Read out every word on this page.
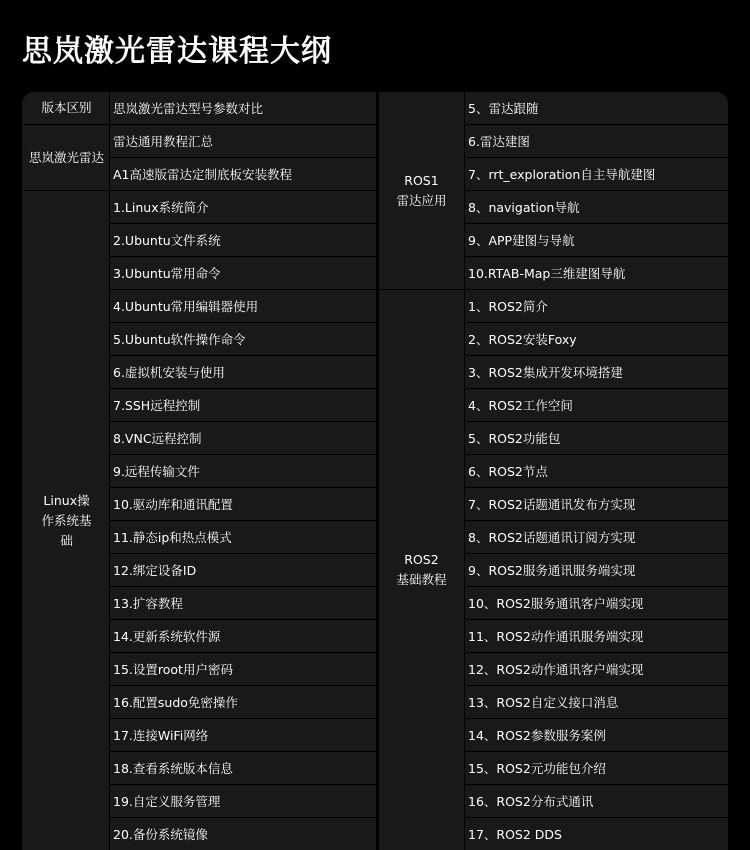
思岚激光雷达课程大纲
版本区别 思岚激光雷达型号参数对比
思岚激光雷达
雷达通用教程汇总
A1高速版雷达定制底板安装教程
Linux操作系统基础
1.Linux系统简介
2.Ubuntu文件系统
3.Ubuntu常用命令
4.Ubuntu常用编辑器使用
5.Ubuntu软件操作命令
6.虚拟机安装与使用
7.SSH远程控制
8.VNC远程控制
9.远程传输文件
10.驱动库和通讯配置
11.静态ip和热点模式
12.绑定设备ID
13.扩容教程
14.更新系统软件源
15.设置root用户密码
16.配置sudo免密操作
17.连接WiFi网络
18.查看系统版本信息
19.自定义服务管理
20.备份系统镜像
ROS1
雷达应用
5、雷达跟随
6.雷达建图
7、rrt_exploration自主导航建图
8、navigation导航
9、APP建图与导航
10.RTAB-Map三维建图导航
ROS2
基础教程
1、ROS2简介
2、ROS2安装Foxy
3、ROS2集成开发环境搭建
4、ROS2工作空间
5、ROS2功能包
6、ROS2节点
7、ROS2话题通讯发布方实现
8、ROS2话题通讯订阅方实现
9、ROS2服务通讯服务端实现
10、ROS2服务通讯客户端实现
11、ROS2动作通讯服务端实现
12、ROS2动作通讯客户端实现
13、ROS2自定义接口消息
14、ROS2参数服务案例
15、ROS2元功能包介绍
16、ROS2分布式通讯
17、ROS2 DDS
